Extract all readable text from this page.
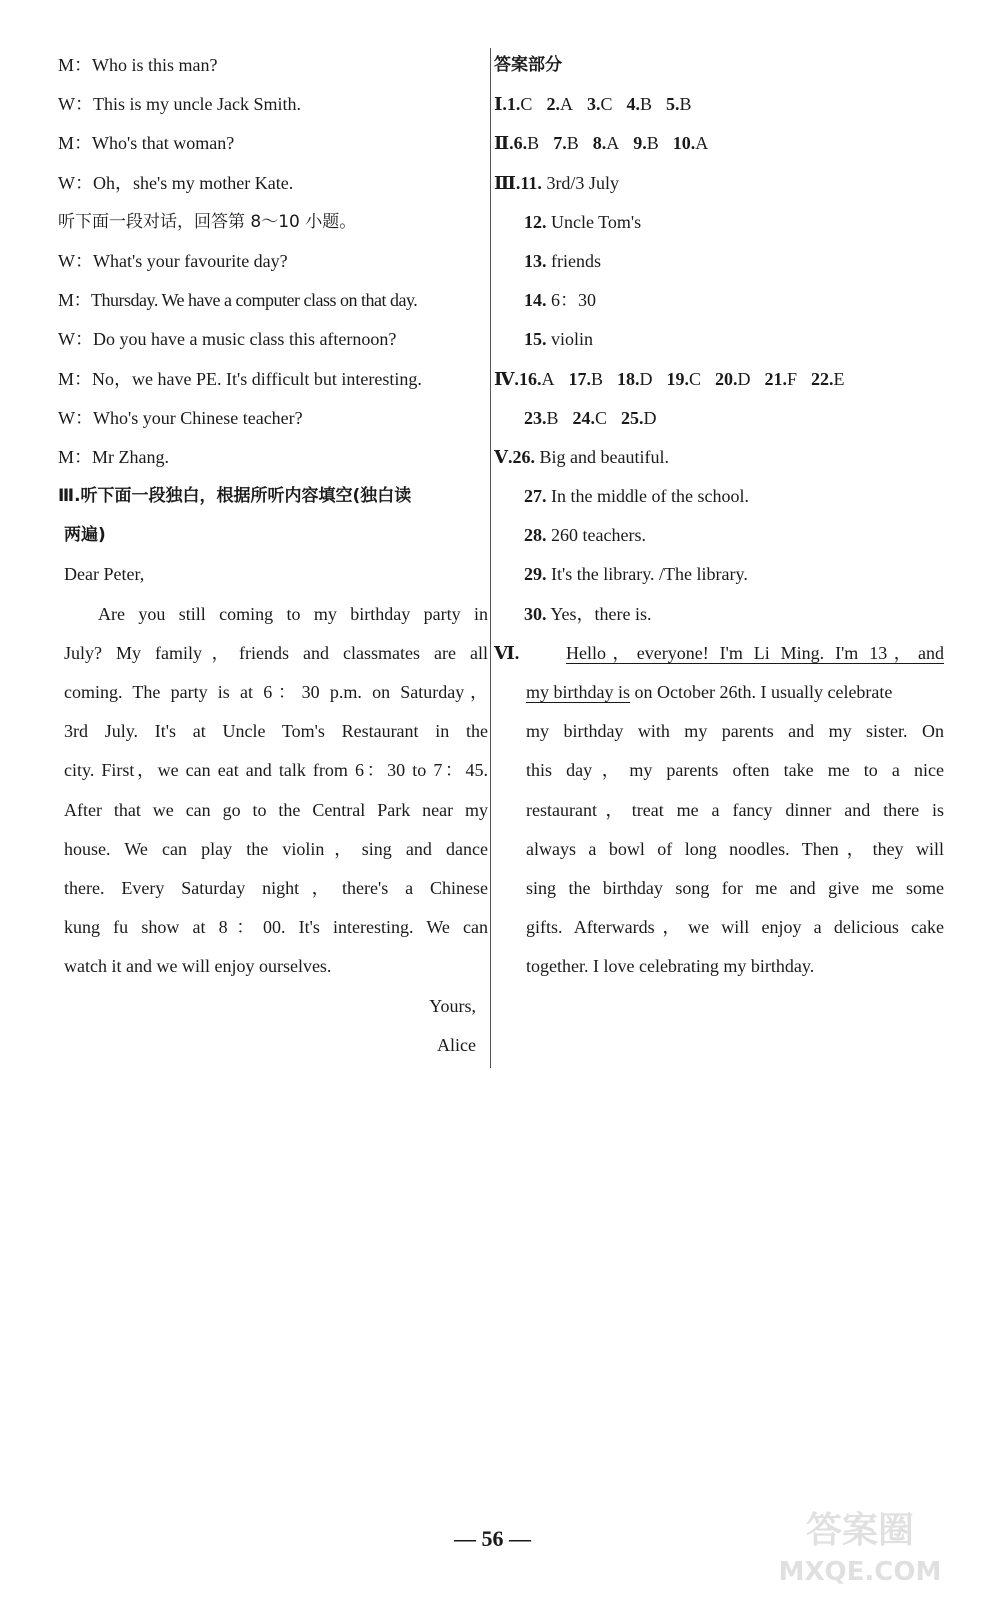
M：Who is this man?
W：This is my uncle Jack Smith.
M：Who's that woman?
W：Oh，she's my mother Kate.
听下面一段对话，回答第 8～10 小题。
W：What's your favourite day?
M：Thursday. We have a computer class on that day.
W：Do you have a music class this afternoon?
M：No，we have PE. It's difficult but interesting.
W：Who's your Chinese teacher?
M：Mr Zhang.
Ⅲ.听下面一段独白，根据所听内容填空(独白读
两遍)
Dear Peter,
Are you still coming to my birthday party in
July? My family，friends and classmates are all
coming. The party is at 6：30 p.m. on Saturday，
3rd July. It's at Uncle Tom's Restaurant in the
city. First，we can eat and talk from 6：30 to 7：45.
After that we can go to the Central Park near my
house. We can play the violin，sing and dance
there. Every Saturday night，there's a Chinese
kung fu show at 8：00. It's interesting. We can
watch it and we will enjoy ourselves.
Yours,
Alice
答案部分
Ⅰ.1.C 2.A 3.C 4.B 5.B
Ⅱ.6.B 7.B 8.A 9.B 10.A
Ⅲ.11. 3rd/3 July
12. Uncle Tom's
13. friends
14. 6：30
15. violin
Ⅳ.16.A 17.B 18.D 19.C 20.D 21.F 22.E
23.B 24.C 25.D
Ⅴ.26. Big and beautiful.
27. In the middle of the school.
28. 260 teachers.
29. It's the library. /The library.
30. Yes，there is.
Ⅵ.	Hello，everyone! I'm Li Ming. I'm 13，and
my birthday is on October 26th. I usually celebrate
my birthday with my parents and my sister. On
this day，my parents often take me to a nice
restaurant，treat me a fancy dinner and there is
always a bowl of long noodles. Then，they will
sing the birthday song for me and give me some
gifts. Afterwards，we will enjoy a delicious cake
together. I love celebrating my birthday.
— 56 —	答案圈
MXQE.COM
